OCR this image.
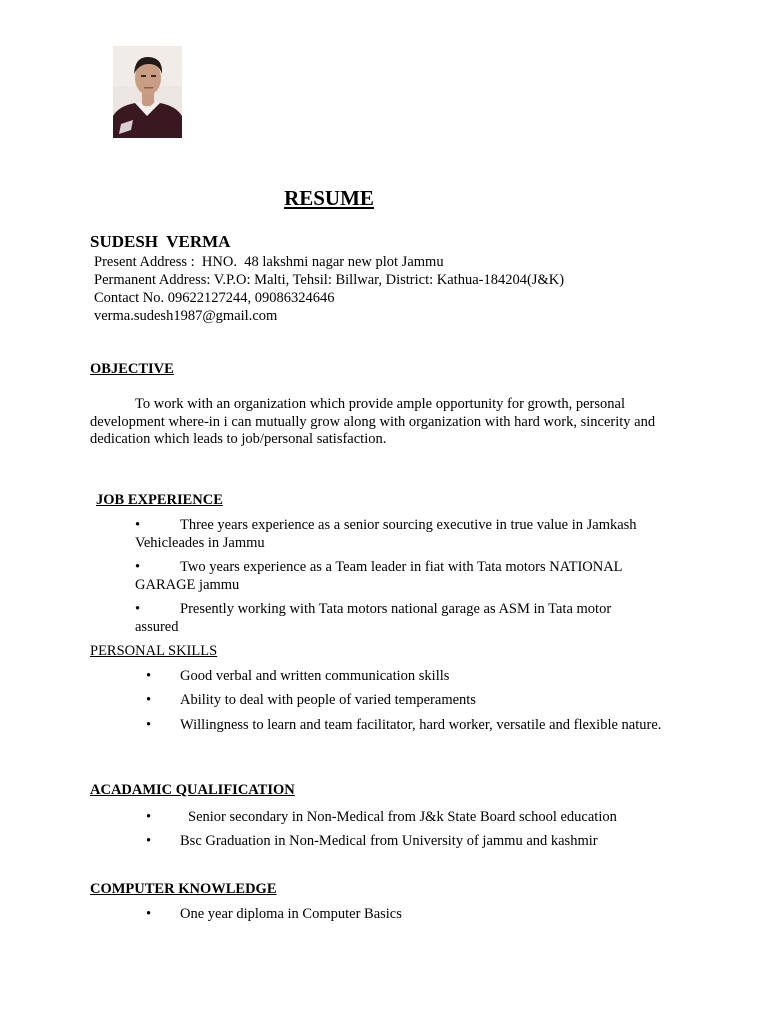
RESUME
SUDESH  VERMA
Present Address :  HNO.  48 lakshmi nagar new plot Jammu
Permanent Address: V.P.O: Malti, Tehsil: Billwar, District: Kathua-184204(J&K)
Contact No. 09622127244, 09086324646
verma.sudesh1987@gmail.com
OBJECTIVE
To work with an organization which provide ample opportunity for growth, personal development where-in i can mutually grow along with organization with hard work, sincerity and dedication which leads to job/personal satisfaction.
JOB EXPERIENCE
•	Three years experience as a senior sourcing executive in true value in Jamkash
Vehicleades in Jammu
•	Two years experience as a Team leader in fiat with Tata motors NATIONAL
GARAGE jammu
•	Presently working with Tata motors national garage as ASM in Tata motor
assured
PERSONAL SKILLS
• Good verbal and written communication skills
• Ability to deal with people of varied temperaments
• Willingness to learn and team facilitator, hard worker, versatile and flexible nature.
ACADAMIC QUALIFICATION
•	Senior secondary in Non-Medical from J&k State Board school education
• Bsc Graduation in Non-Medical from University of jammu and kashmir
COMPUTER KNOWLEDGE
• One year diploma in Computer Basics
